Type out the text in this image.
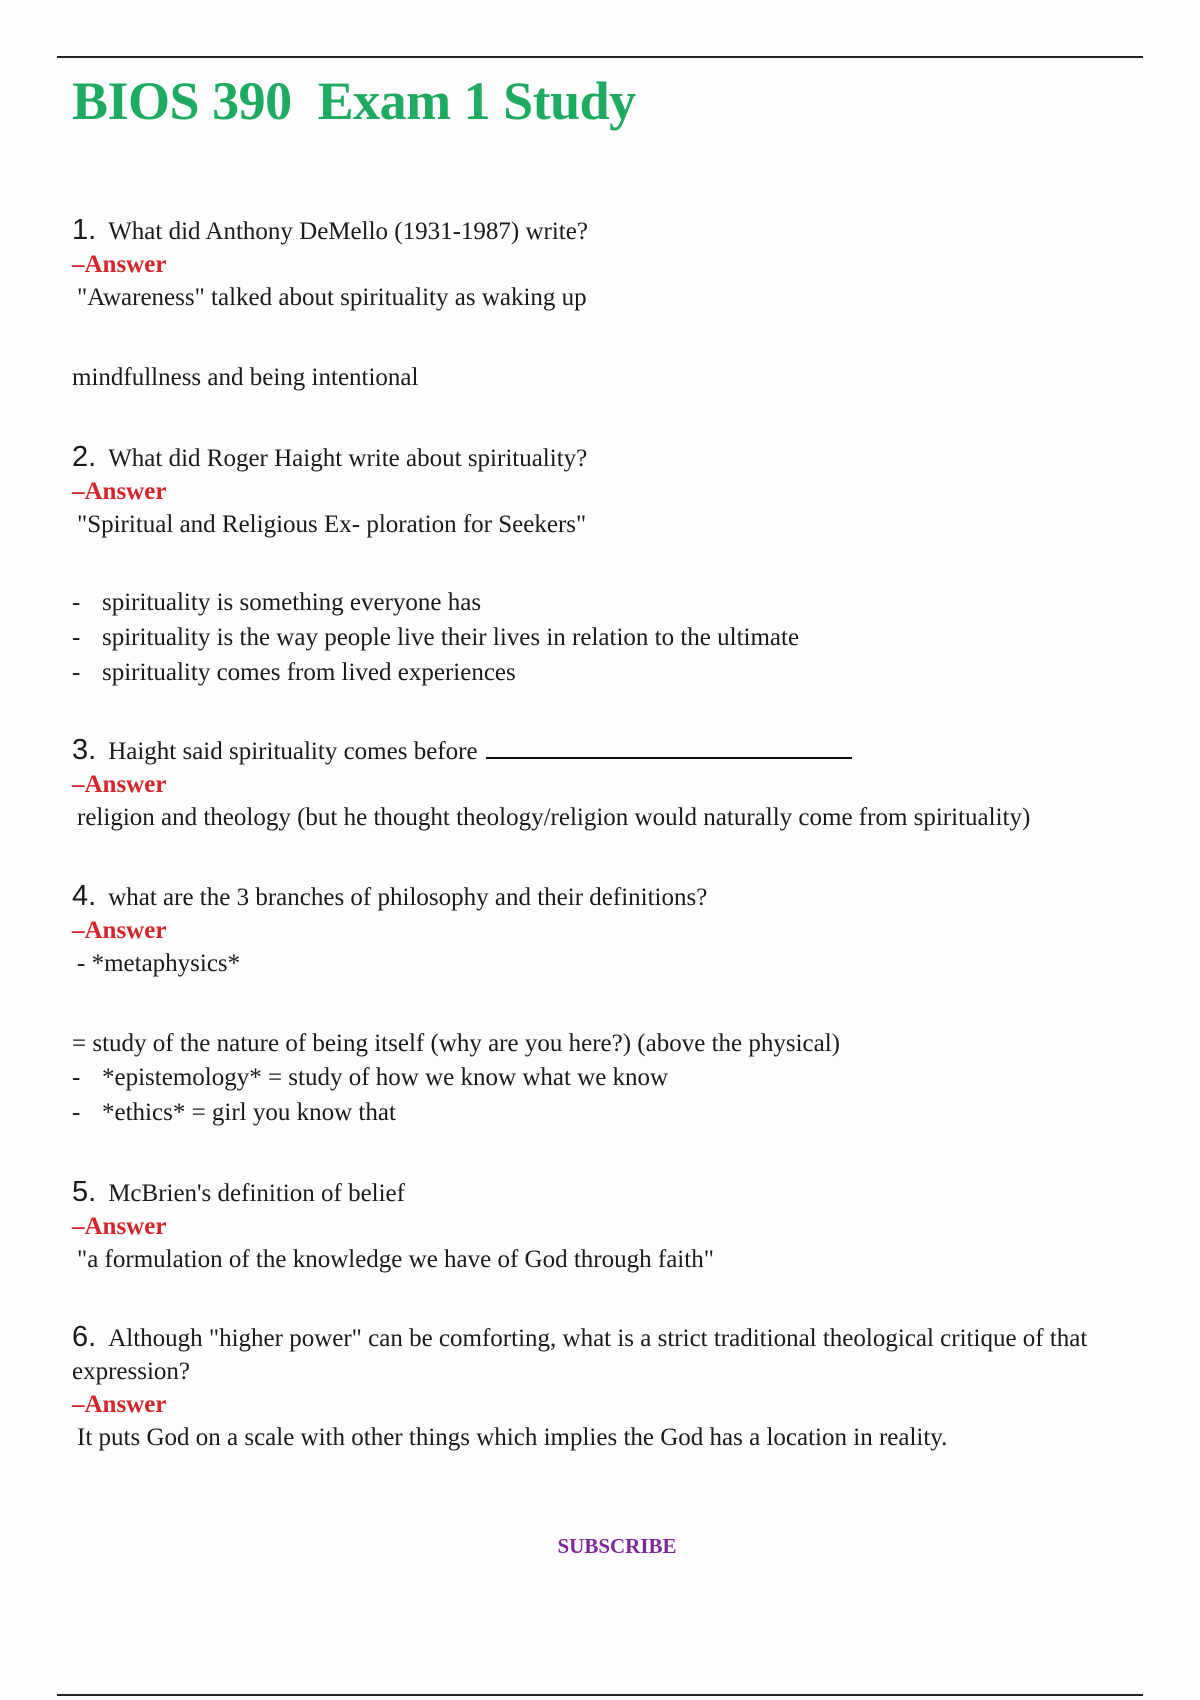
BIOS 390  Exam 1 Study
1. What did Anthony DeMello (1931-1987) write?
–Answer
"Awareness" talked about spirituality as waking up
mindfullness and being intentional
2. What did Roger Haight write about spirituality?
–Answer
"Spiritual and Religious Ex- ploration for Seekers"
- spirituality is something everyone has
- spirituality is the way people live their lives in relation to the ultimate
- spirituality comes from lived experiences
3. Haight said spirituality comes before
–Answer
religion and theology (but he thought theology/religion would naturally come from spirituality)
4. what are the 3 branches of philosophy and their definitions?
–Answer
- *metaphysics*
= study of the nature of being itself (why are you here?) (above the physical)
- *epistemology* = study of how we know what we know
- *ethics* = girl you know that
5. McBrien's definition of belief
–Answer
"a formulation of the knowledge we have of God through faith"
6. Although "higher power" can be comforting, what is a strict traditional theological critique of that expression?
–Answer
It puts God on a scale with other things which implies the God has a location in reality.
SUBSCRIBE
